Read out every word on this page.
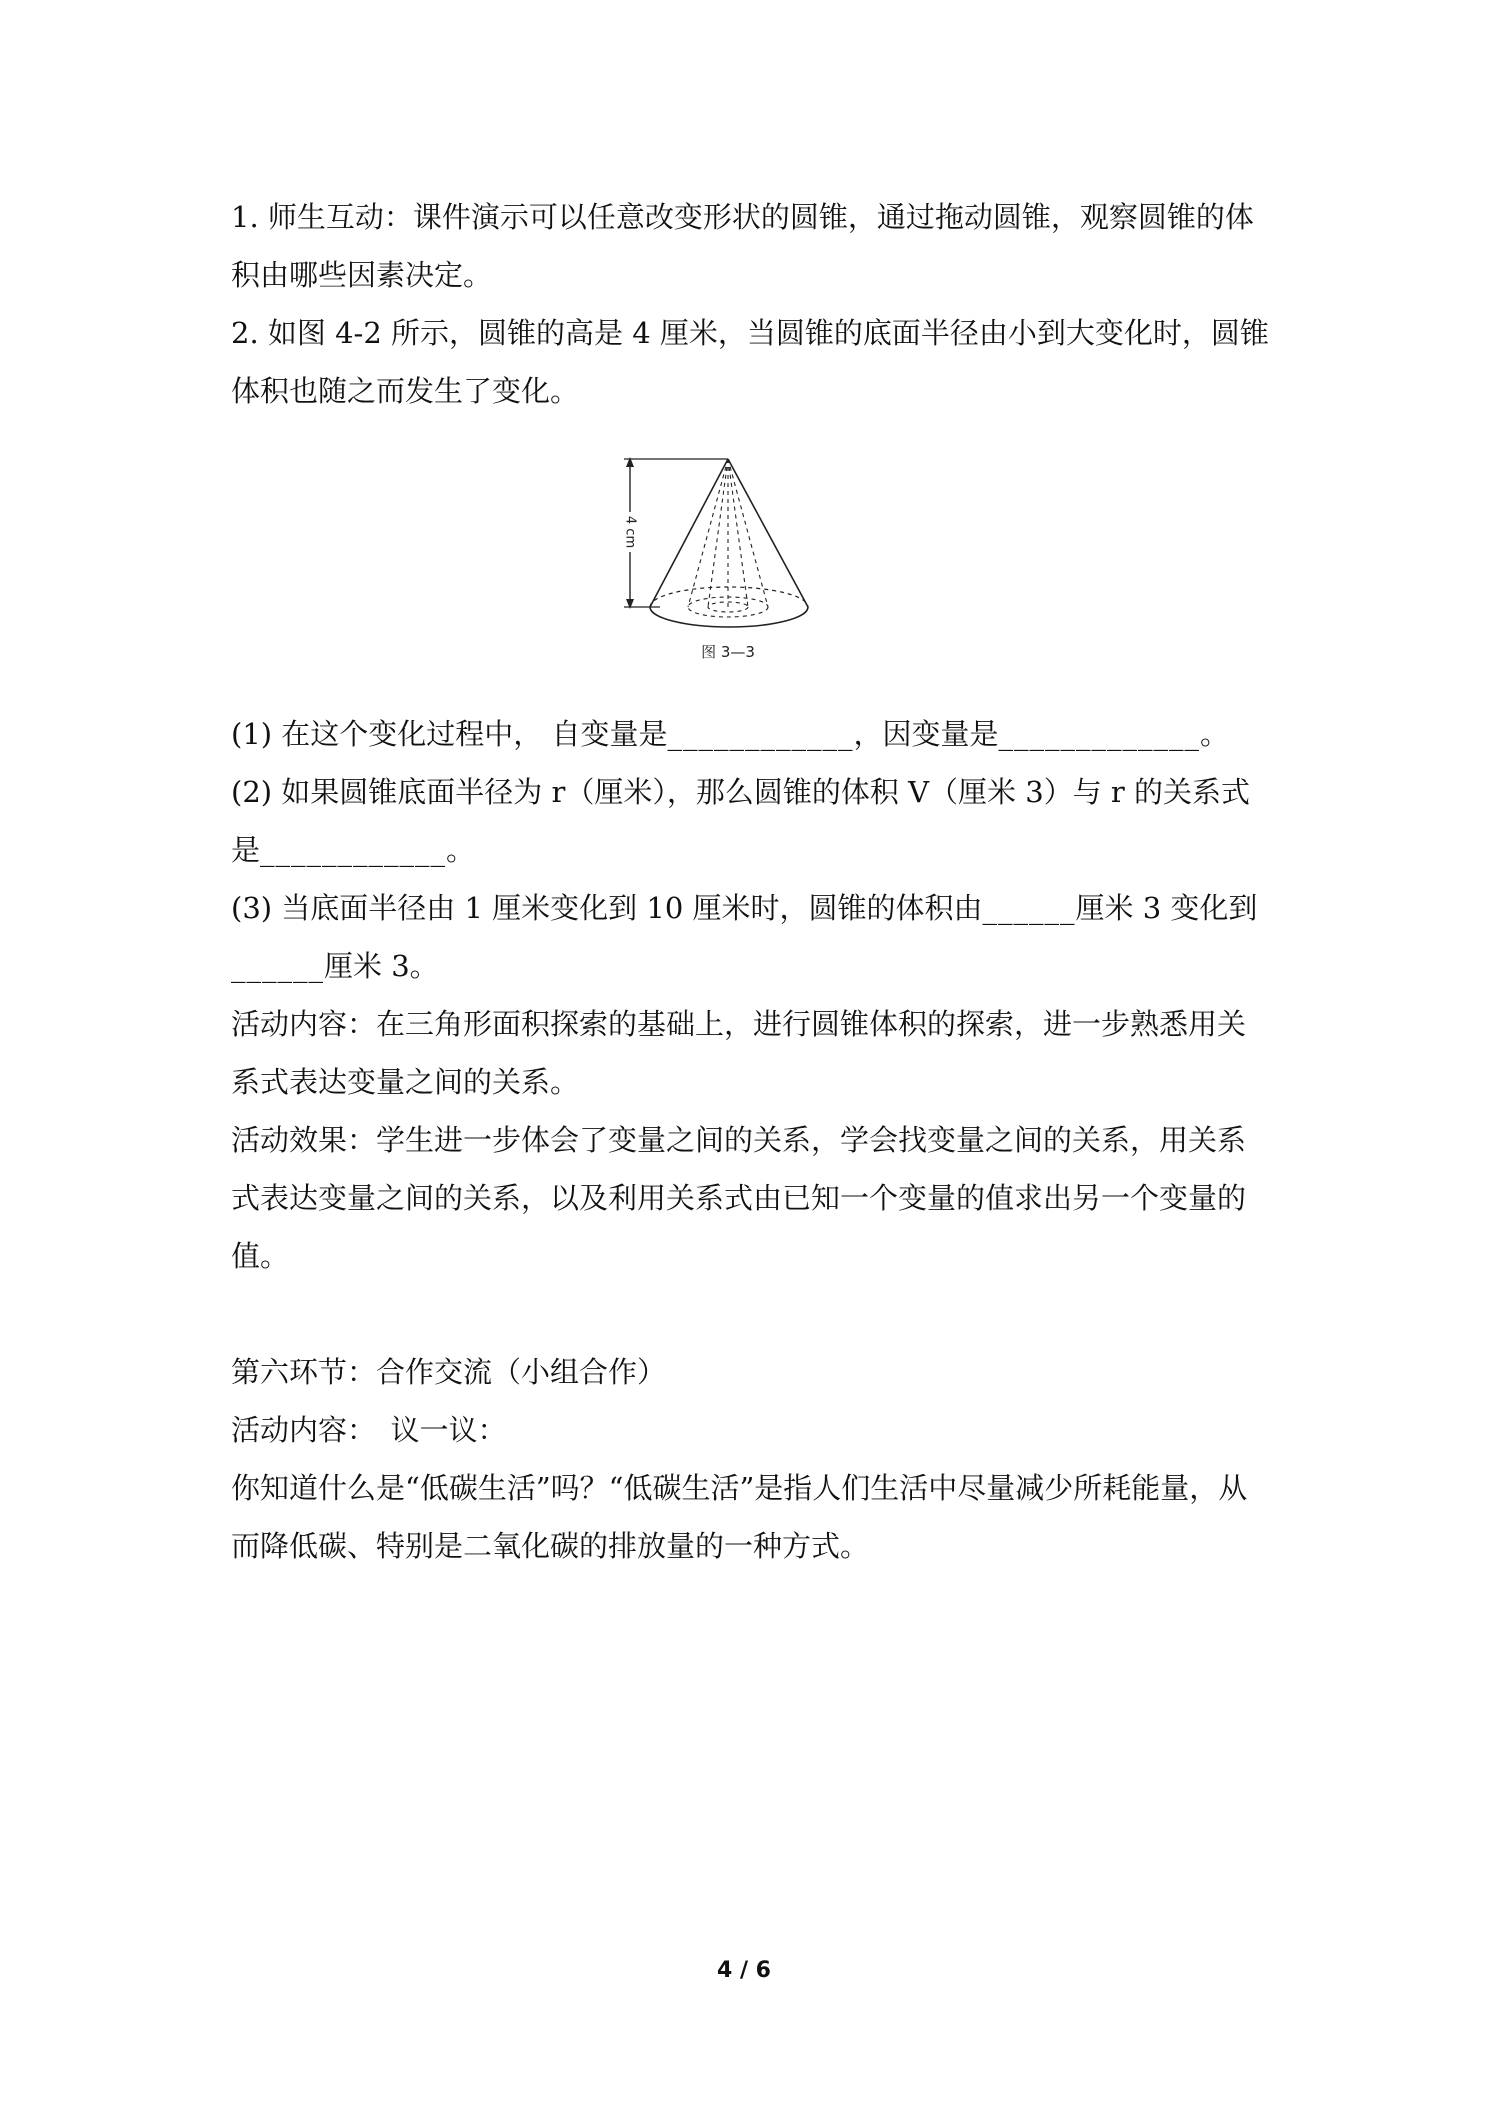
1. 师生互动：课件演示可以任意改变形状的圆锥，通过拖动圆锥，观察圆锥的体积由哪些因素决定。

2. 如图 4-2 所示，圆锥的高是 4 厘米，当圆锥的底面半径由小到大变化时，圆锥体积也随之而发生了变化。

4 cm
图 3—3

(1) 在这个变化过程中， 自变量是____________，因变量是_____________。

(2) 如果圆锥底面半径为 r（厘米），那么圆锥的体积 V（厘米 3）与 r 的关系式是____________。

(3) 当底面半径由 1 厘米变化到 10 厘米时，圆锥的体积由______厘米 3 变化到______厘米 3。

活动内容：在三角形面积探索的基础上，进行圆锥体积的探索，进一步熟悉用关系式表达变量之间的关系。

活动效果：学生进一步体会了变量之间的关系，学会找变量之间的关系，用关系式表达变量之间的关系，以及利用关系式由已知一个变量的值求出另一个变量的值。

第六环节：合作交流（小组合作）

活动内容：　议一议：

你知道什么是“低碳生活”吗？“低碳生活”是指人们生活中尽量减少所耗能量，从而降低碳、特别是二氧化碳的排放量的一种方式。

4 / 6
